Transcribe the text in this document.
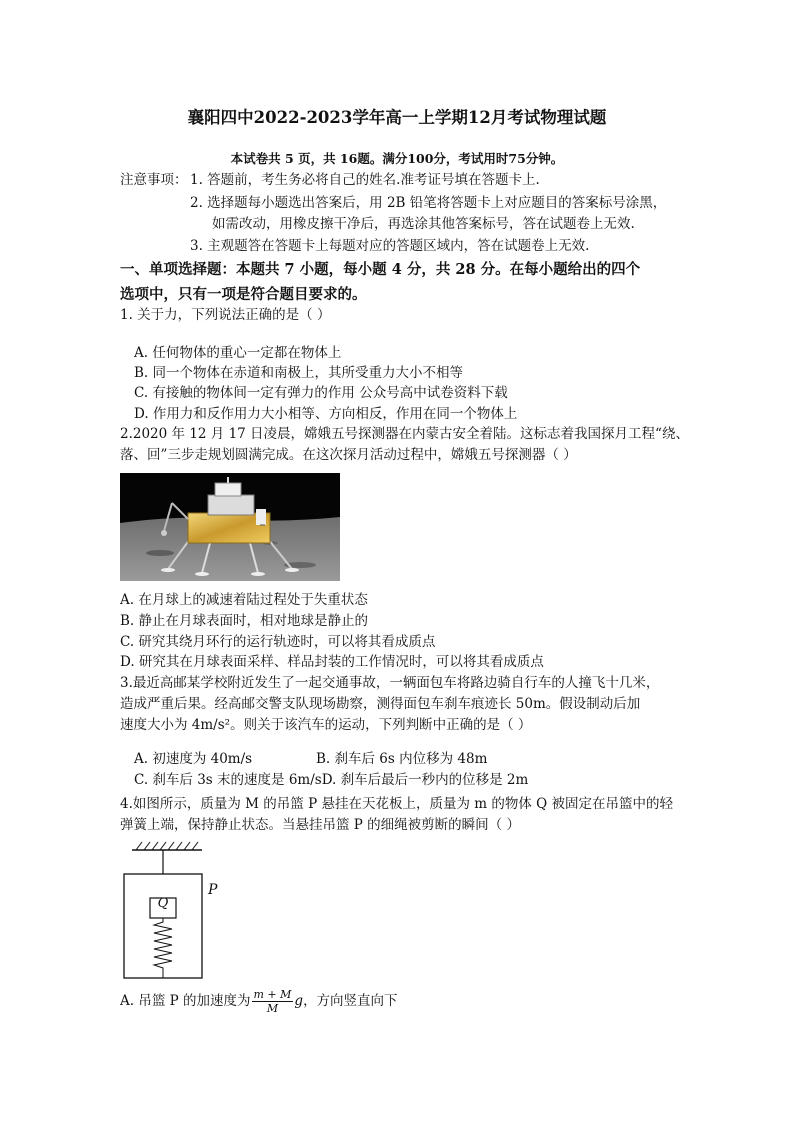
襄阳四中2022-2023学年高一上学期12月考试物理试题
本试卷共 5 页，共 16题。满分100分，考试用时75分钟。
注意事项： 1. 答题前，考生务必将自己的姓名.准考证号填在答题卡上.
2. 选择题每小题选出答案后，用 2B 铅笔将答题卡上对应题目的答案标号涂黑，
如需改动，用橡皮擦干净后，再选涂其他答案标号，答在试题卷上无效.
3. 主观题答在答题卡上每题对应的答题区域内，答在试题卷上无效.
一、单项选择题：本题共 7 小题，每小题 4 分，共 28 分。在每小题给出的四个
选项中，只有一项是符合题目要求的。
1. 关于力，下列说法正确的是（ ）
A. 任何物体的重心一定都在物体上
B. 同一个物体在赤道和南极上，其所受重力大小不相等
C. 有接触的物体间一定有弹力的作用 公众号高中试卷资料下载
D. 作用力和反作用力大小相等、方向相反，作用在同一个物体上
2.2020 年 12 月 17 日凌晨，嫦娥五号探测器在内蒙古安全着陆。这标志着我国探月工程“绕、
落、回”三步走规划圆满完成。在这次探月活动过程中，嫦娥五号探测器（ ）
A. 在月球上的减速着陆过程处于失重状态
B. 静止在月球表面时，相对地球是静止的
C. 研究其绕月环行的运行轨迹时，可以将其看成质点
D. 研究其在月球表面采样、样品封装的工作情况时，可以将其看成质点
3.最近高邮某学校附近发生了一起交通事故，一辆面包车将路边骑自行车的人撞飞十几米，
造成严重后果。经高邮交警支队现场勘察，测得面包车刹车痕迹长 50m。假设制动后加
速度大小为 4m/s²。则关于该汽车的运动，下列判断中正确的是（ ）
A. 初速度为 40m/s	B. 刹车后 6s 内位移为 48m
C. 刹车后 3s 末的速度是 6m/sD. 刹车后最后一秒内的位移是 2m
4.如图所示，质量为 M 的吊篮 P 悬挂在天花板上，质量为 m 的物体 Q 被固定在吊篮中的轻
弹簧上端，保持静止状态。当悬挂吊篮 P 的细绳被剪断的瞬间（ ）
Q
P
A. 吊篮 P 的加速度为 $\frac{m + M}{M}$ g，方向竖直向下
